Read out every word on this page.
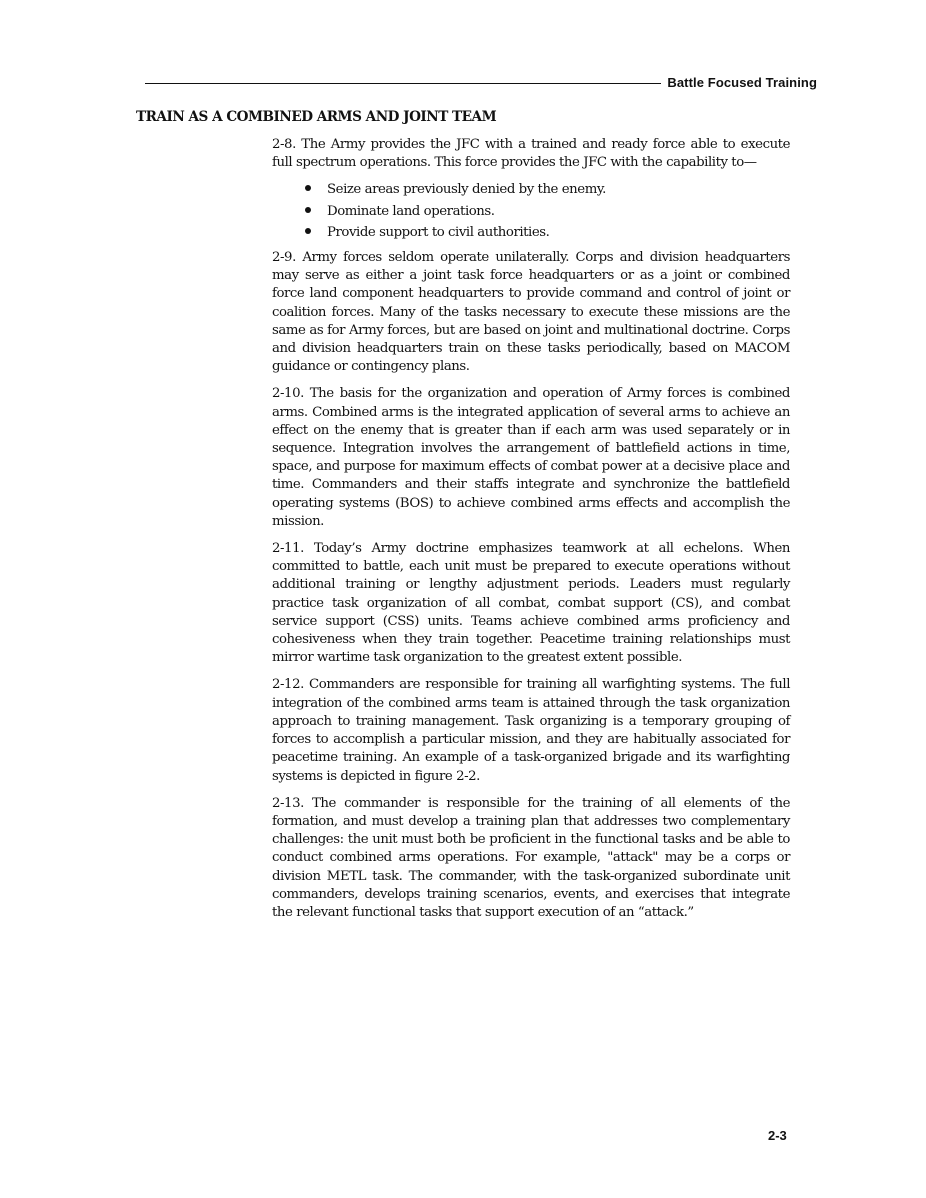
Battle Focused Training
TRAIN AS A COMBINED ARMS AND JOINT TEAM

2-8. The Army provides the JFC with a trained and ready force able to execute full spectrum operations. This force provides the JFC with the capability to—

Seize areas previously denied by the enemy.
Dominate land operations.
Provide support to civil authorities.

2-9. Army forces seldom operate unilaterally. Corps and division headquarters may serve as either a joint task force headquarters or as a joint or combined force land component headquarters to provide command and control of joint or coalition forces. Many of the tasks necessary to execute these missions are the same as for Army forces, but are based on joint and multinational doctrine. Corps and division headquarters train on these tasks periodically, based on MACOM guidance or contingency plans.

2-10. The basis for the organization and operation of Army forces is combined arms. Combined arms is the integrated application of several arms to achieve an effect on the enemy that is greater than if each arm was used separately or in sequence. Integration involves the arrangement of battlefield actions in time, space, and purpose for maximum effects of combat power at a decisive place and time. Commanders and their staffs integrate and synchronize the battlefield operating systems (BOS) to achieve combined arms effects and accomplish the mission.

2-11. Today’s Army doctrine emphasizes teamwork at all echelons. When committed to battle, each unit must be prepared to execute operations without additional training or lengthy adjustment periods. Leaders must regularly practice task organization of all combat, combat support (CS), and combat service support (CSS) units. Teams achieve combined arms proficiency and cohesiveness when they train together. Peacetime training relationships must mirror wartime task organization to the greatest extent possible.

2-12. Commanders are responsible for training all warfighting systems. The full integration of the combined arms team is attained through the task organization approach to training management. Task organizing is a temporary grouping of forces to accomplish a particular mission, and they are habitually associated for peacetime training. An example of a task-organized brigade and its warfighting systems is depicted in figure 2-2.

2-13. The commander is responsible for the training of all elements of the formation, and must develop a training plan that addresses two complementary challenges: the unit must both be proficient in the functional tasks and be able to conduct combined arms operations. For example, "attack" may be a corps or division METL task. The commander, with the task-organized subordinate unit commanders, develops training scenarios, events, and exercises that integrate the relevant functional tasks that support execution of an “attack.”

2-3
